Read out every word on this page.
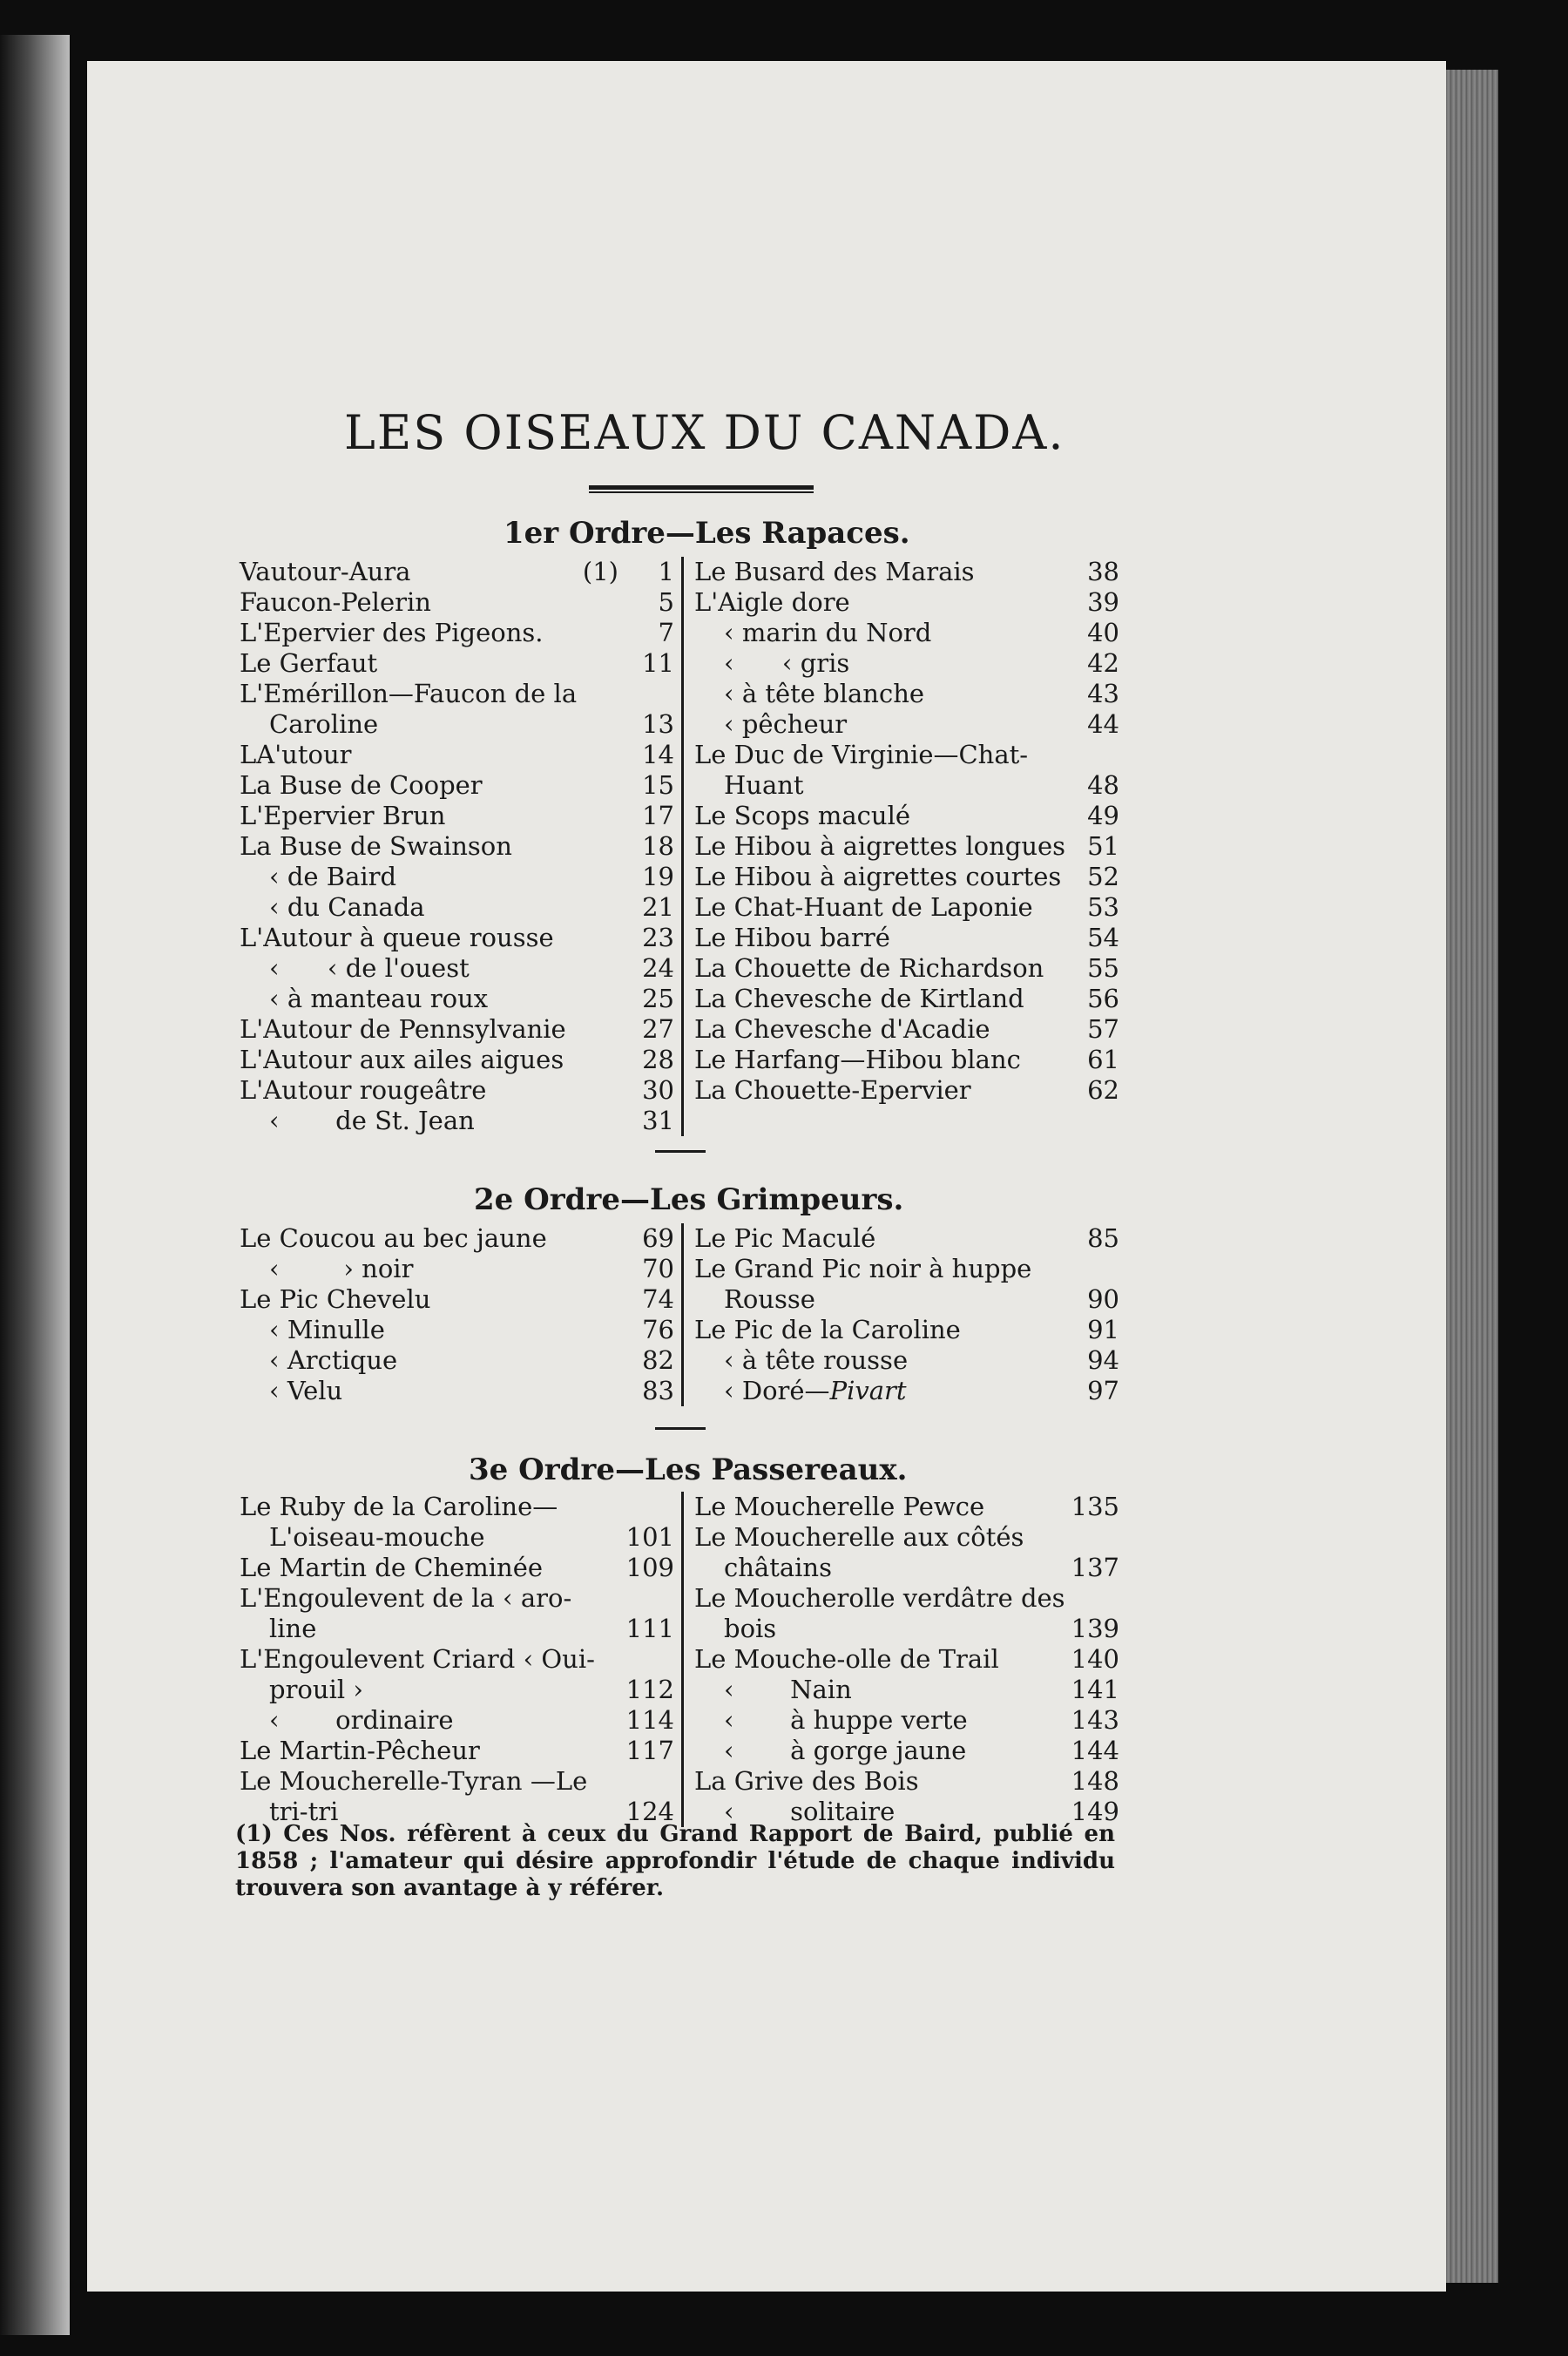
LES OISEAUX DU CANADA.
1er Ordre—Les Rapaces.
Vautour-Aura	(1)	1
Faucon-Pelerin	5
L'Epervier des Pigeons.	7
Le Gerfaut	11
L'Emérillon—Faucon de la
Caroline	13
LA'utour	14
La Buse de Cooper	15
L'Epervier Brun	17
La Buse de Swainson	18
‹ de Baird	19
‹ du Canada	21
L'Autour à queue rousse	23
‹      ‹ de l'ouest	24
‹ à manteau roux	25
L'Autour de Pennsylvanie	27
L'Autour aux ailes aigues	28
L'Autour rougeâtre	30
‹       de St. Jean	31
Le Busard des Marais	38
L'Aigle dore	39
‹ marin du Nord	40
‹      ‹ gris	42
‹ à tête blanche	43
‹ pêcheur	44
Le Duc de Virginie—Chat-
Huant	48
Le Scops maculé	49
Le Hibou à aigrettes longues 51
Le Hibou à aigrettes courtes	52
Le Chat-Huant de Laponie	53
Le Hibou barré	54
La Chouette de Richardson	55
La Chevesche de Kirtland	56
La Chevesche d'Acadie	57
Le Harfang—Hibou blanc	61
La Chouette-Epervier	62
2e Ordre—Les Grimpeurs.
Le Coucou au bec jaune	69
‹        › noir	70
Le Pic Chevelu	74
‹ Minulle	76
‹ Arctique	82
‹ Velu	83
Le Pic Maculé	85
Le Grand Pic noir à huppe
Rousse	90
Le Pic de la Caroline	91
‹ à tête rousse	94
‹ Doré—Pivart	97
3e Ordre—Les Passereaux.
Le Ruby de la Caroline—
L'oiseau-mouche	101
Le Martin de Cheminée	109
L'Engoulevent de la ‹ aro-
line	111
L'Engoulevent Criard ‹ Oui-
prouil ›	112
‹       ordinaire	114
Le Martin-Pêcheur	117
Le Moucherelle-Tyran —Le
tri-tri	124
Le Moucherelle Pewce	135
Le Moucherelle aux côtés
châtains	137
Le Moucherolle verdâtre des
bois	139
Le Mouche-olle de Trail	140
‹       Nain	141
‹       à huppe verte	143
‹       à gorge jaune	144
La Grive des Bois	148
‹       solitaire	149
(1) Ces Nos. réfèrent à ceux du Grand Rapport de Baird, publié en 1858 ; l'amateur qui désire approfondir l'étude de chaque individu trouvera son avantage à y référer.
